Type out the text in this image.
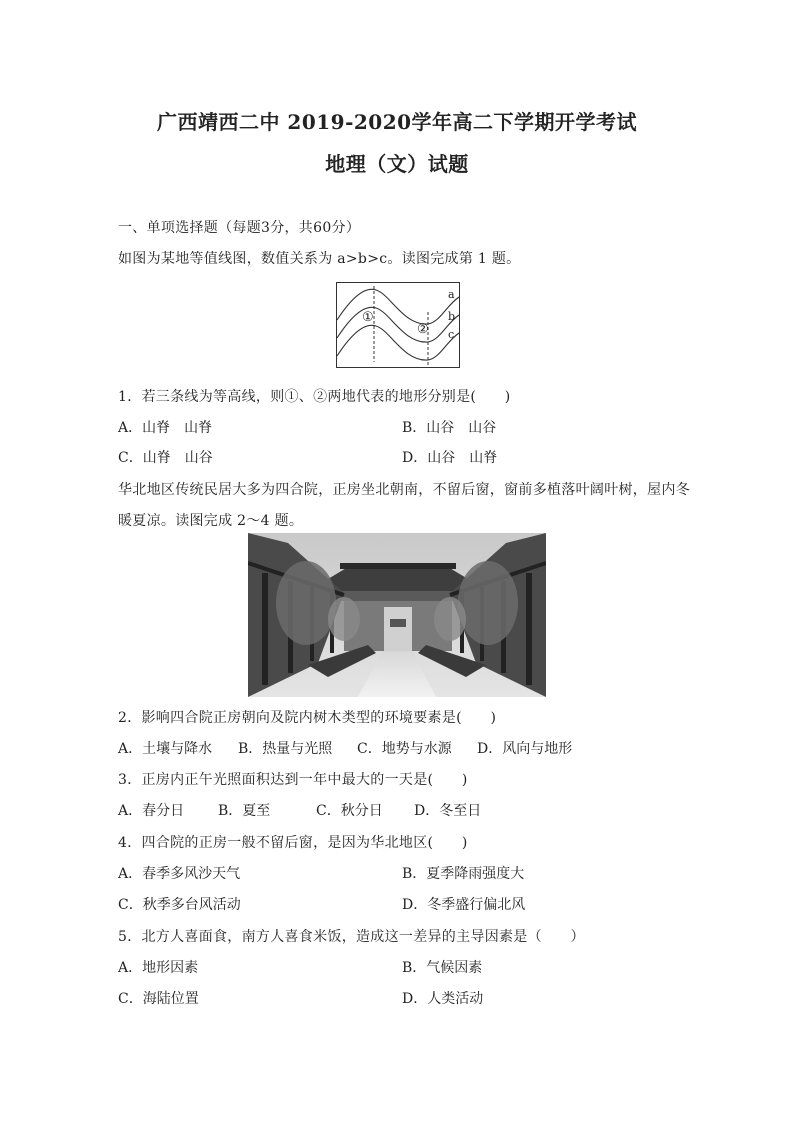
广西靖西二中 2019-2020学年高二下学期开学考试
地理（文）试题
一、单项选择题（每题3分，共60分）
如图为某地等值线图，数值关系为 a>b>c。读图完成第 1 题。
a
b
c
①
②
1．若三条线为等高线，则①、②两地代表的地形分别是(　　)
A．山脊　山脊	B．山谷　山谷
C．山脊　山谷	D．山谷　山脊
华北地区传统民居大多为四合院，正房坐北朝南，不留后窗，窗前多植落叶阔叶树，屋内冬
暖夏凉。读图完成 2～4 题。
2．影响四合院正房朝向及院内树木类型的环境要素是(　　)
A．土壤与降水 B．热量与光照 C．地势与水源 D．风向与地形
3．正房内正午光照面积达到一年中最大的一天是(　　)
A．春分日 B．夏至	C．秋分日 D．冬至日
4．四合院的正房一般不留后窗，是因为华北地区(　　)
A．春季多风沙天气	B．夏季降雨强度大
C．秋季多台风活动	D．冬季盛行偏北风
5．北方人喜面食，南方人喜食米饭，造成这一差异的主导因素是（　　）
A．地形因素	B．气候因素
C．海陆位置	D．人类活动
